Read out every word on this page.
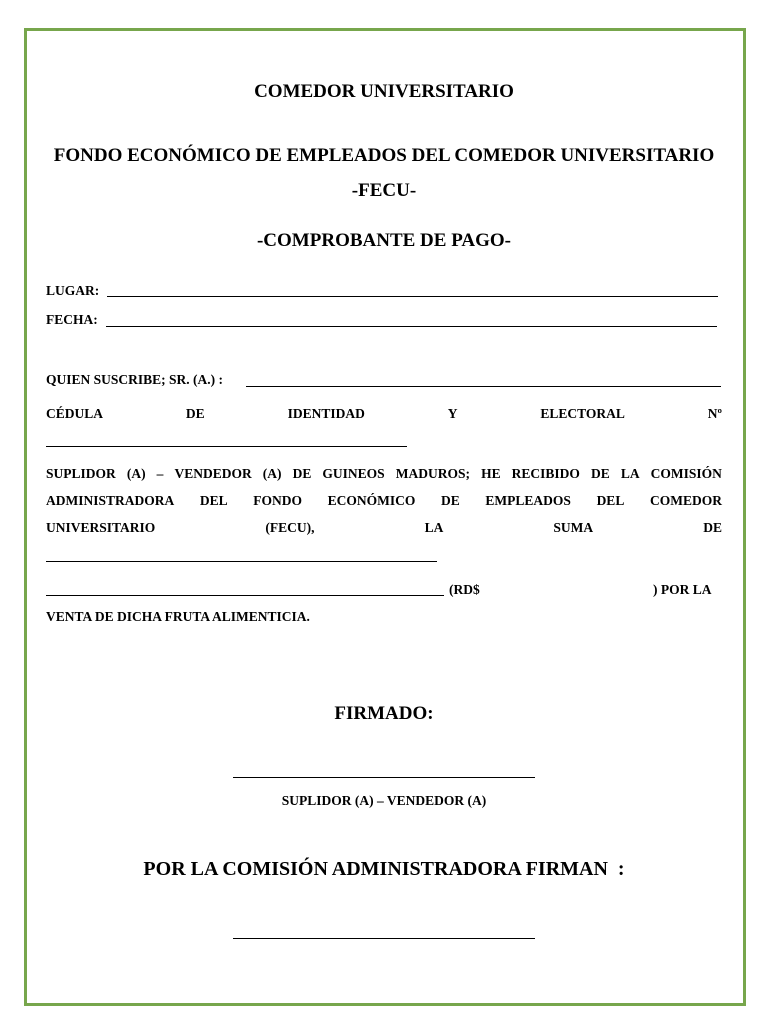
COMEDOR UNIVERSITARIO
FONDO ECONÓMICO DE EMPLEADOS DEL COMEDOR UNIVERSITARIO
-FECU-
-COMPROBANTE DE PAGO-
LUGAR:
FECHA:
QUIEN SUSCRIBE; SR. (A.) :
CÉDULA	DE	IDENTIDAD	Y	ELECTORAL	Nº
SUPLIDOR (A) – VENDEDOR (A) DE GUINEOS MADUROS; HE RECIBIDO DE LA COMISIÓN
ADMINISTRADORA DEL FONDO ECONÓMICO DE EMPLEADOS DEL COMEDOR
UNIVERSITARIO	(FECU),	LA	SUMA	DE
(RD$	) POR LA
VENTA DE DICHA FRUTA ALIMENTICIA.
FIRMADO:
SUPLIDOR (A) – VENDEDOR (A)
POR LA COMISIÓN ADMINISTRADORA FIRMAN  :
